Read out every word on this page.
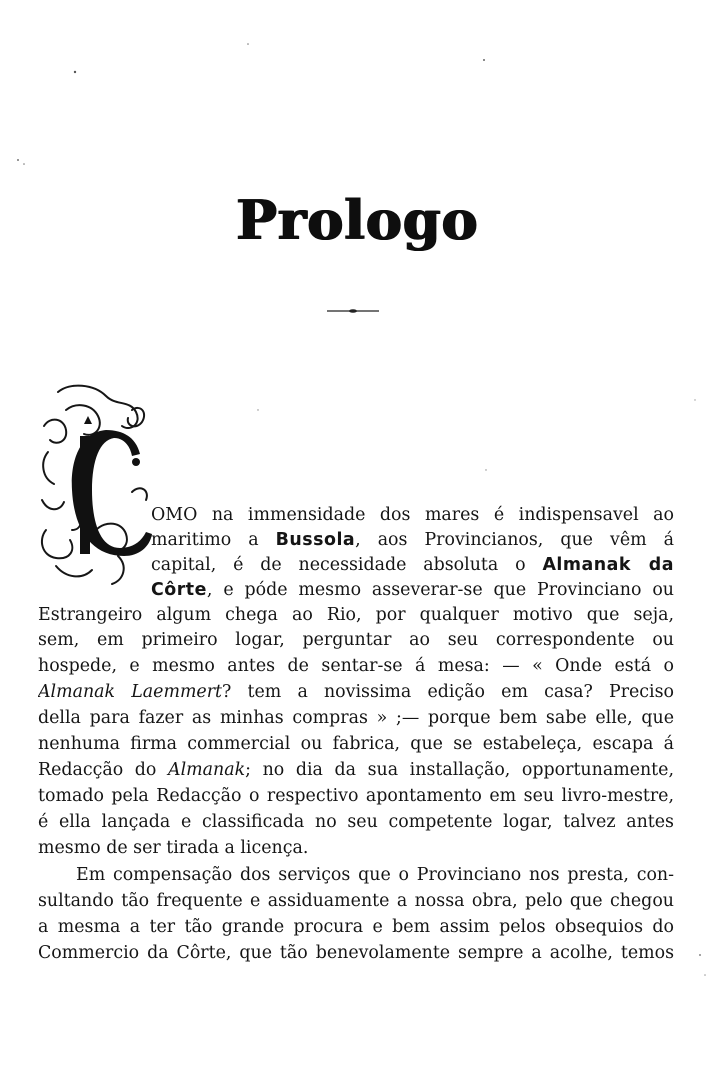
Prologo
OMO na immensidade dos mares é indispensavel ao
maritimo a Bussola, aos Provincianos, que vêm á
capital, é de necessidade absoluta o Almanak da
Côrte, e póde mesmo asseverar-se que Provinciano ou
Estrangeiro algum chega ao Rio, por qualquer motivo que seja,
sem, em primeiro logar, perguntar ao seu correspondente ou
hospede, e mesmo antes de sentar-se á mesa: — « Onde está o
Almanak Laemmert? tem a novissima edição em casa? Preciso
della para fazer as minhas compras » ;— porque bem sabe elle, que
nenhuma firma commercial ou fabrica, que se estabeleça, escapa á
Redacção do Almanak; no dia da sua installação, opportunamente,
tomado pela Redacção o respectivo apontamento em seu livro-mestre,
é ella lançada e classificada no seu competente logar, talvez antes
mesmo de ser tirada a licença.
Em compensação dos serviços que o Provinciano nos presta, con-
sultando tão frequente e assiduamente a nossa obra, pelo que chegou
a mesma a ter tão grande procura e bem assim pelos obsequios do
Commercio da Côrte, que tão benevolamente sempre a acolhe, temos
